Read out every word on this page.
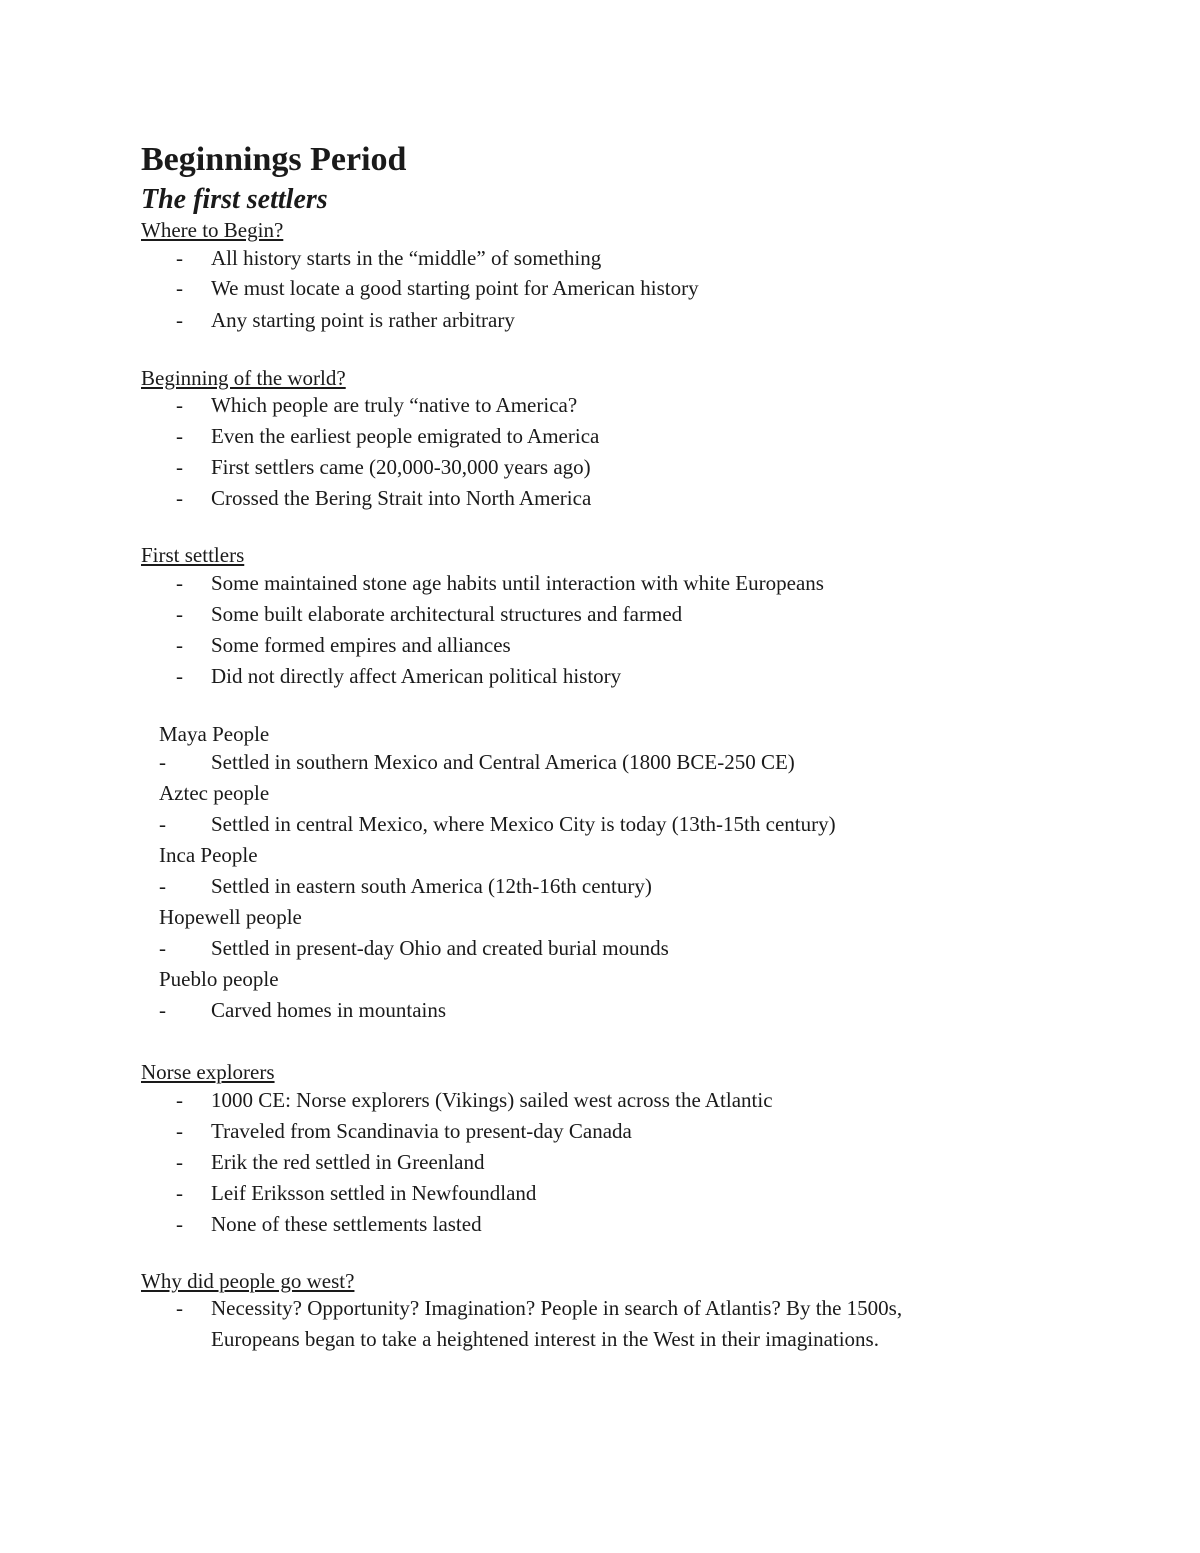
Beginnings Period
The first settlers
Where to Begin?
- All history starts in the “middle” of something
- We must locate a good starting point for American history
- Any starting point is rather arbitrary
Beginning of the world?
- Which people are truly “native to America?
- Even the earliest people emigrated to America
- First settlers came (20,000-30,000 years ago)
- Crossed the Bering Strait into North America
First settlers
- Some maintained stone age habits until interaction with white Europeans
- Some built elaborate architectural structures and farmed
- Some formed empires and alliances
- Did not directly affect American political history
Maya People
- Settled in southern Mexico and Central America (1800 BCE-250 CE)
Aztec people
- Settled in central Mexico, where Mexico City is today (13th-15th century)
Inca People
- Settled in eastern south America (12th-16th century)
Hopewell people
- Settled in present-day Ohio and created burial mounds
Pueblo people
- Carved homes in mountains
Norse explorers
- 1000 CE: Norse explorers (Vikings) sailed west across the Atlantic
- Traveled from Scandinavia to present-day Canada
- Erik the red settled in Greenland
- Leif Eriksson settled in Newfoundland
- None of these settlements lasted
Why did people go west?
- Necessity? Opportunity? Imagination? People in search of Atlantis? By the 1500s,
Europeans began to take a heightened interest in the West in their imaginations.
